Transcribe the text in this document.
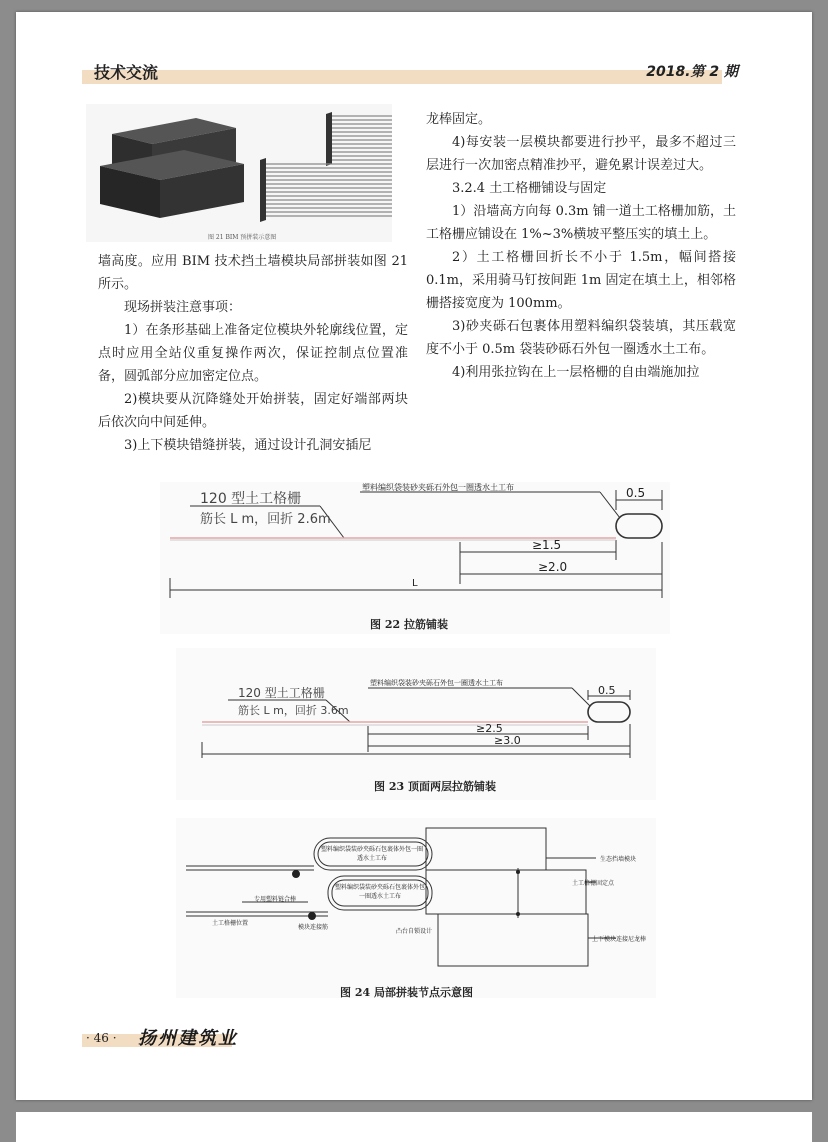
技术交流	2018.第 2 期
图 21 BIM 预拼装示意图

墙高度。应用 BIM 技术挡土墙模块局部拼装如图 21 所示。

现场拼装注意事项：

1）在条形基础上准备定位模块外轮廓线位置，定点时应用全站仪重复操作两次，保证控制点位置准备，圆弧部分应加密定位点。

2)模块要从沉降缝处开始拼装，固定好端部两块后依次向中间延伸。

3)上下模块错缝拼装，通过设计孔洞安插尼

龙棒固定。

4)每安装一层模块都要进行抄平，最多不超过三层进行一次加密点精准抄平，避免累计误差过大。

3.2.4 土工格栅铺设与固定

1）沿墙高方向每 0.3m 铺一道土工格栅加筋，土工格栅应铺设在 1%~3%横坡平整压实的填土上。

2）土工格栅回折长不小于 1.5m，幅间搭接 0.1m，采用骑马钉按间距 1m 固定在填土上，相邻格栅搭接宽度为 100mm。

3)砂夹砾石包裹体用塑料编织袋装填，其压载宽度不小于 0.5m 袋装砂砾石外包一圈透水土工布。

4)利用张拉钩在上一层格栅的自由端施加拉

120 型土工格栅
筋长 L m，回折 2.6m
塑料编织袋装砂夹砾石外包一圈透水土工布	0.5
≥1.5
≥2.0
L
图 22 拉筋铺装
120 型土工格栅
筋长 L m，回折 3.6m
塑料编织袋装砂夹砾石外包一圈透水土工布
0.5
≥2.5
≥3.0
图 23 顶面两层拉筋铺装
塑料编织袋装砂夹砾石包裹体外包一圈透水土工布
塑料编织袋装砂夹砾石包裹体外包一圈透水土工布
生态挡墙模块
土工格栅固定点
上下模块连接尼龙棒
专用塑料链合棒
土工格栅位置
模块连接筋
凸台自锁设计
图 24 局部拼装节点示意图
· 46 · 扬州建筑业
